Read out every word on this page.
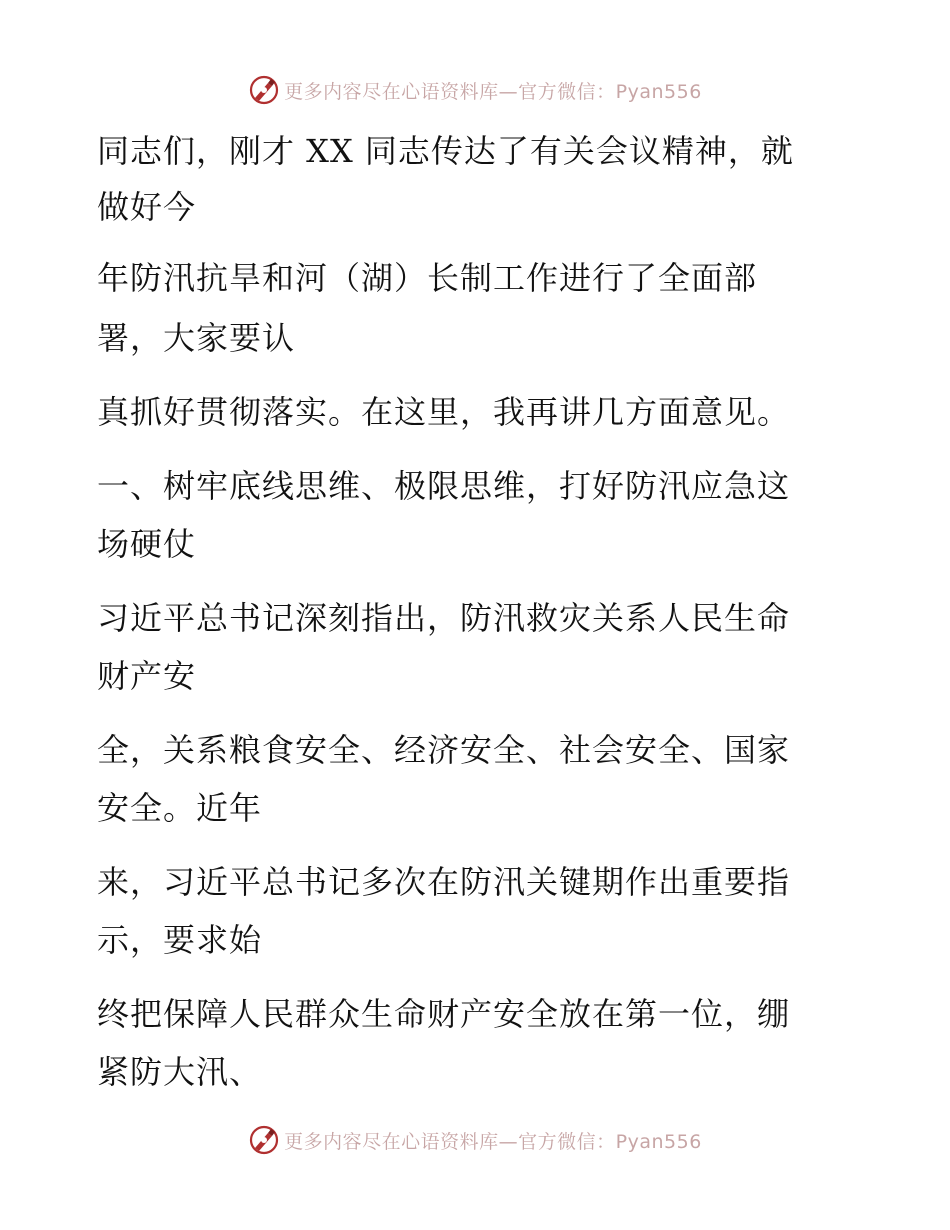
更多内容尽在心语资料库—官方微信：Pyan556
同志们，刚才 XX 同志传达了有关会议精神，就
做好今
年防汛抗旱和河（湖）长制工作进行了全面部
署，大家要认
真抓好贯彻落实。在这里，我再讲几方面意见。
一、树牢底线思维、极限思维，打好防汛应急这
场硬仗
习近平总书记深刻指出，防汛救灾关系人民生命
财产安
全，关系粮食安全、经济安全、社会安全、国家
安全。近年
来，习近平总书记多次在防汛关键期作出重要指
示，要求始
终把保障人民群众生命财产安全放在第一位，绷
紧防大汛、
更多内容尽在心语资料库—官方微信：Pyan556
